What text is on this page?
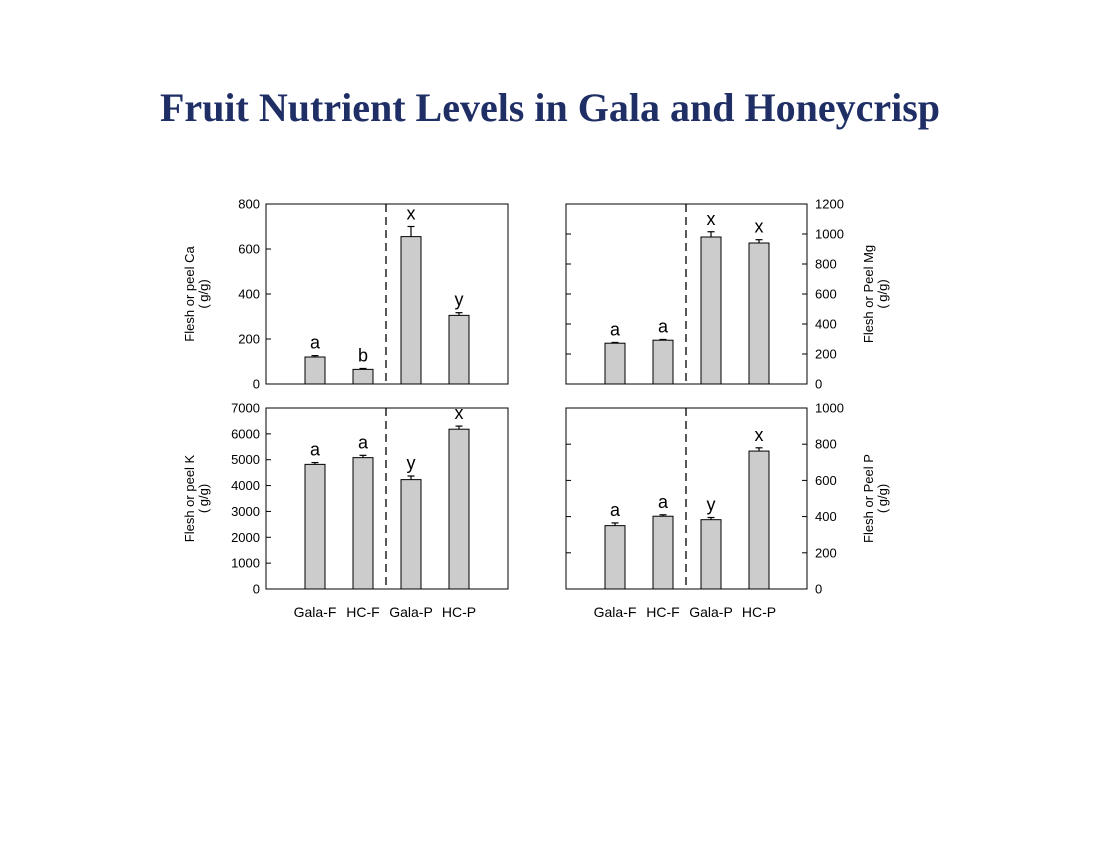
Fruit Nutrient Levels in Gala and Honeycrisp
0
200
400
600
800
Flesh or peel Ca ( g/g)
a
b
x
y
0
200
400
600
800
1000
1200
Flesh or Peel Mg ( g/g)
a a
x x
0
1000
2000
3000
4000
5000
6000
7000
Flesh or peel K ( g/g)
a a
y
x
Gala-F HC-F Gala-P HC-P
0
200
400
600
800
1000
Flesh or Peel P ( g/g)
a a y
x
Gala-F HC-F Gala-P HC-P
